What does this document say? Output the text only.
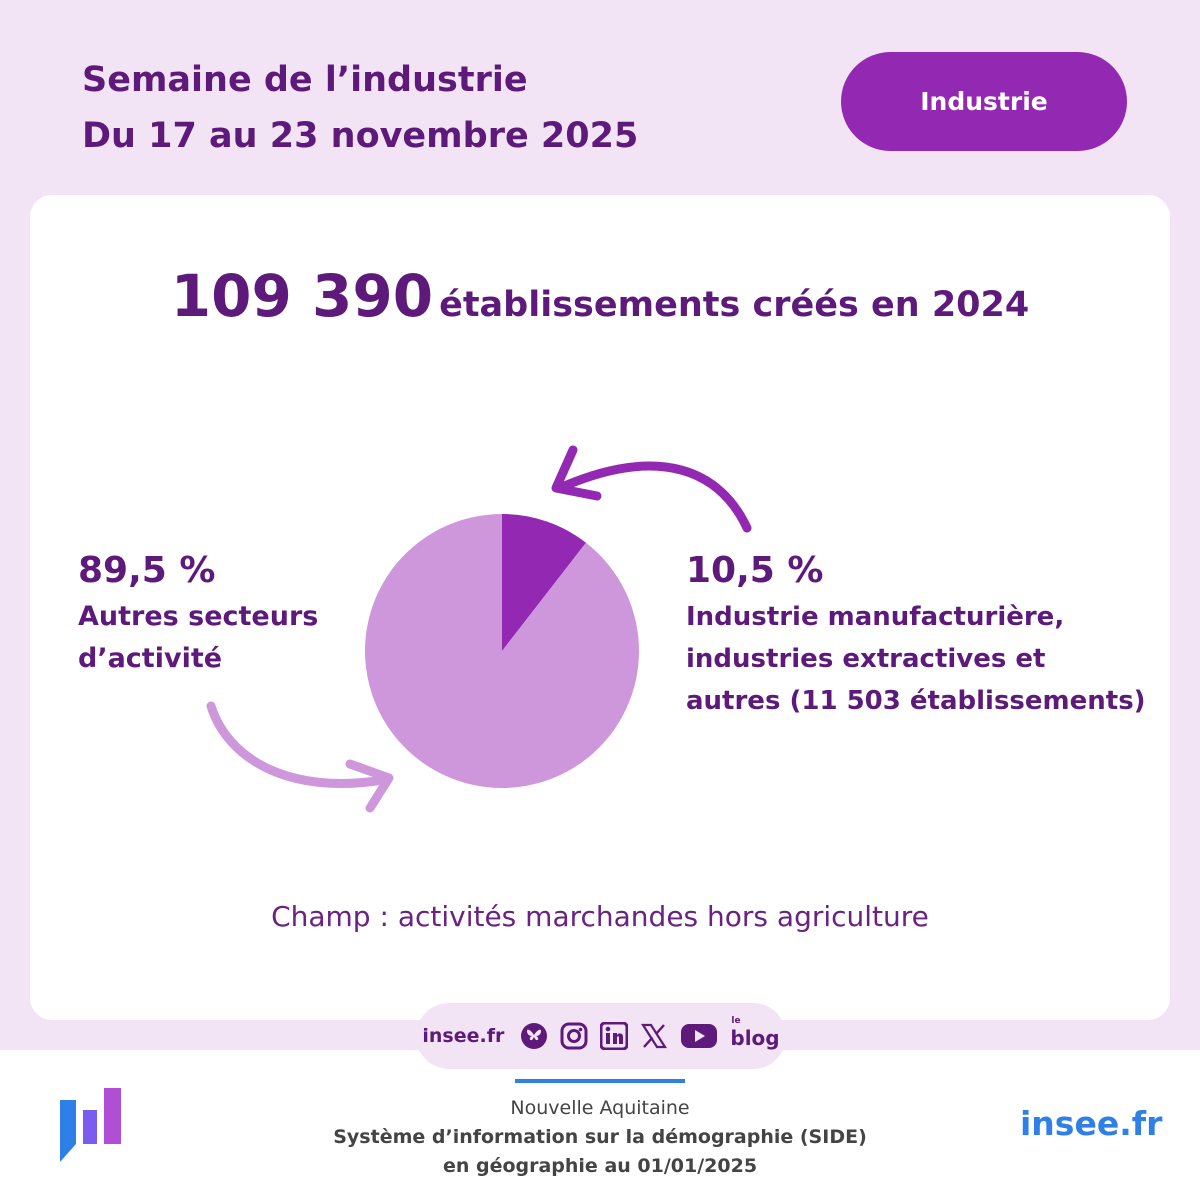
Semaine de l’industrie
Du 17 au 23 novembre 2025
Industrie
109 390 établissements créés en 2024
89,5 %
Autres secteurs
d’activité
10,5 %
Industrie manufacturière,
industries extractives et
autres (11 503 établissements)
Champ : activités marchandes hors agriculture
insee.fr
le
blog
Nouvelle Aquitaine
Système d’information sur la démographie (SIDE)
en géographie au 01/01/2025
insee.fr
